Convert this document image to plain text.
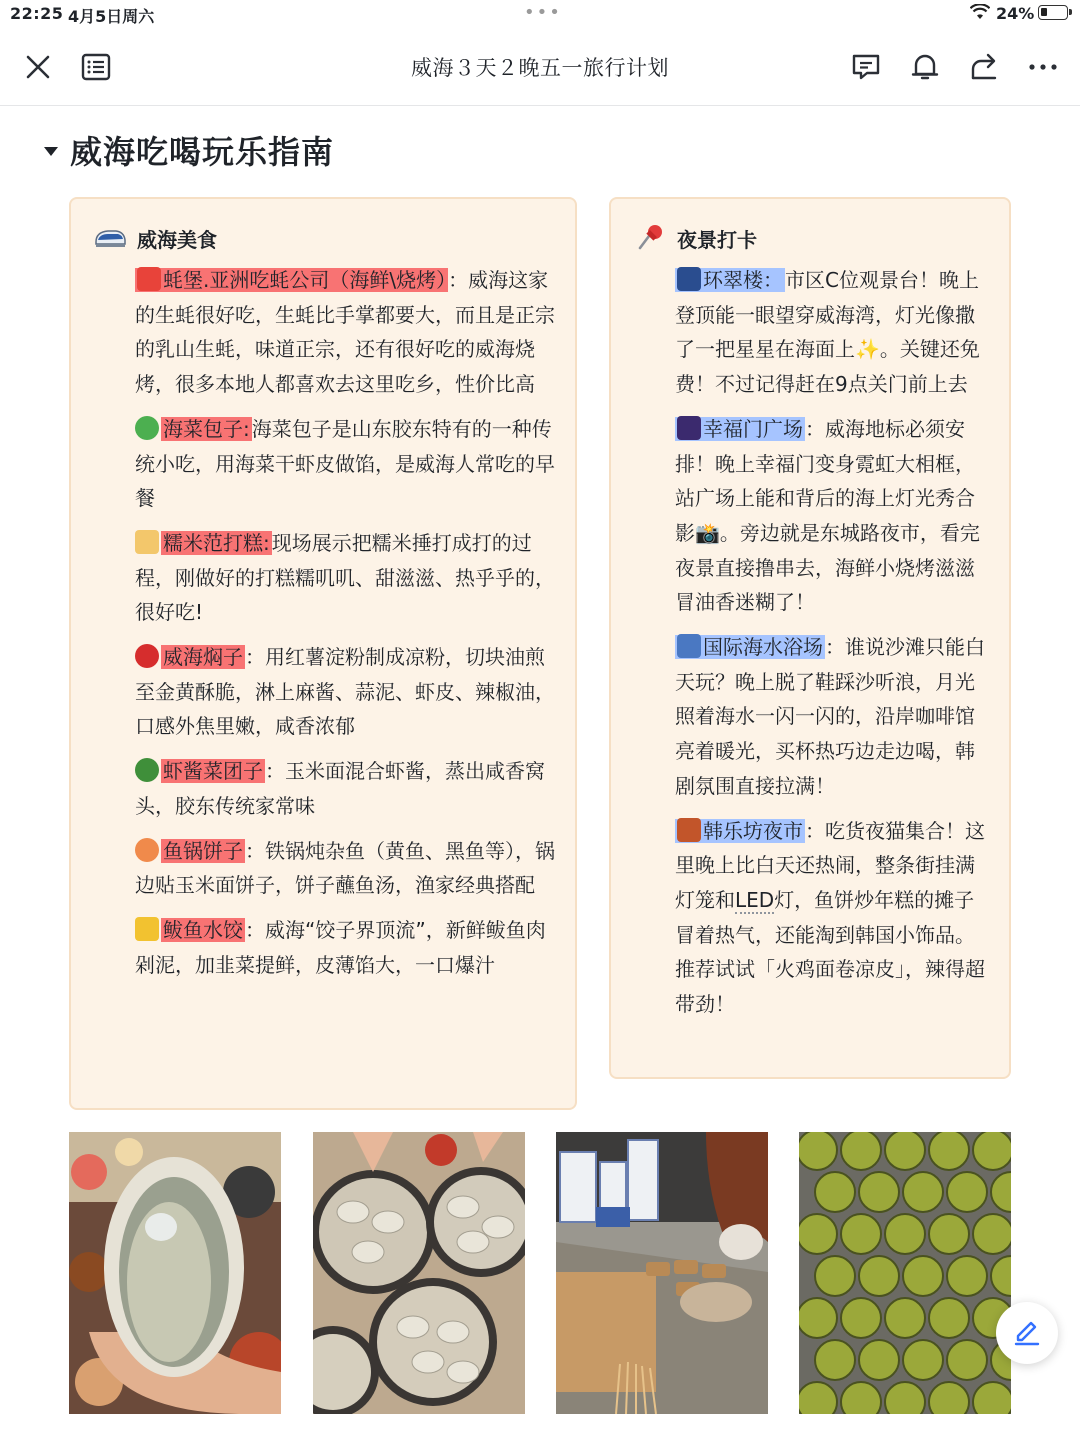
22:25 4月5日周六	•••	24%
威海３天２晚五一旅行计划
威海吃喝玩乐指南
威海美食
蚝堡.亚洲吃蚝公司（海鲜\烧烤） ：威海这家的生蚝很好吃，生蚝比手掌都要大，而且是正宗的乳山生蚝，味道正宗，还有很好吃的威海烧烤，很多本地人都喜欢去这里吃乡，性价比高
海菜包子: 海菜包子是山东胶东特有的一种传统小吃，用海菜干虾皮做馅，是威海人常吃的早餐
糯米范打糕: 现场展示把糯米捶打成打的过程，刚做好的打糕糯叽叽、甜滋滋、热乎乎的，很好吃!
威海焖子 ：用红薯淀粉制成凉粉，切块油煎至金黄酥脆，淋上麻酱、蒜泥、虾皮、辣椒油，口感外焦里嫩，咸香浓郁
虾酱菜团子 ：玉米面混合虾酱，蒸出咸香窝头，胶东传统家常味
鱼锅饼子 ：铁锅炖杂鱼（黄鱼、黑鱼等），锅边贴玉米面饼子，饼子蘸鱼汤，渔家经典搭配
鲅鱼水饺 ：威海“饺子界顶流”，新鲜鲅鱼肉剁泥，加韭菜提鲜，皮薄馅大，一口爆汁
夜景打卡
环翠楼： 市区C位观景台！晚上登顶能一眼望穿威海湾，灯光像撒了一把星星在海面上✨。关键还免费！不过记得赶在9点关门前上去
幸福门广场 ：威海地标必须安排！晚上幸福门变身霓虹大相框，站广场上能和背后的海上灯光秀合影📸。旁边就是东城路夜市，看完夜景直接撸串去，海鲜小烧烤滋滋冒油香迷糊了！
国际海水浴场 ：谁说沙滩只能白天玩？晚上脱了鞋踩沙听浪，月光照着海水一闪一闪的，沿岸咖啡馆亮着暖光，买杯热巧边走边喝，韩剧氛围直接拉满！
韩乐坊夜市 ：吃货夜猫集合！这里晚上比白天还热闹，整条街挂满灯笼和LED灯，鱼饼炒年糕的摊子冒着热气，还能淘到韩国小饰品。推荐试试「火鸡面卷凉皮」，辣得超带劲！
